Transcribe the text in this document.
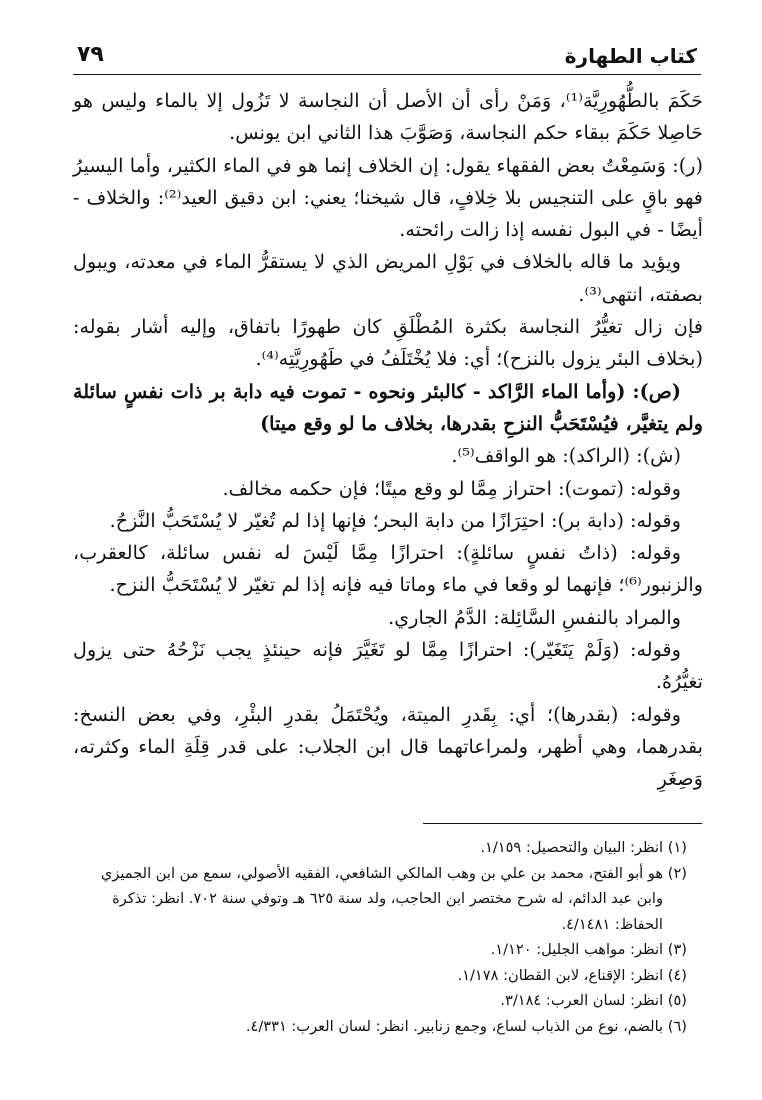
كتاب الطهارة
٧٩

حَكَمَ بالطُّهُورِيَّة⁽¹⁾، وَمَنْ رأى أن الأصل أن النجاسة لا تَزُول إلا بالماء وليس هو حَاصِلا حَكَمَ ببقاء حكم النجاسة، وَصَوَّبَ هذا الثاني ابن يونس.

(ر): وَسَمِعْتُ بعض الفقهاء يقول: إن الخلاف إنما هو في الماء الكثير، وأما اليسيرُ فهو باقٍ على التنجيس بلا خِلافٍ، قال شيخنا؛ يعني: ابن دقيق العيد⁽²⁾: والخلاف - أيضًا - في البول نفسه إذا زالت رائحته.

ويؤيد ما قاله بالخلاف في بَوْلِ المريض الذي لا يستقرُّ الماء في معدته، ويبول بصفته، انتهى⁽³⁾.

فإن زال تغيُّرُ النجاسة بكثرة المُطْلَقِ كان طهورًا باتفاق، وإليه أشار بقوله: (بخلاف البئر يزول بالنزح)؛ أي: فلا يُخْتَلَفُ في طَهُورِيَّتِه⁽⁴⁾.

(ص): (وأما الماء الرَّاكد - كالبئر ونحوه - تموت فيه دابة بر ذات نفسٍ سائلة ولم يتغيَّر، فيُسْتَحَبُّ النزحِ بقدرها، بخلاف ما لو وقع ميتا)

(ش): (الراكد): هو الواقف⁽⁵⁾.

وقوله: (تموت): احتراز مِمَّا لو وقع ميتًا؛ فإن حكمه مخالف.

وقوله: (دابة بر): احتِرَازًا من دابة البحر؛ فإنها إذا لم تُغيّر لا يُسْتَحَبُّ النَّزحُ.

وقوله: (ذاتُ نفسٍ سائلةٍ): احترازًا مِمَّا لَيْسَ له نفس سائلة، كالعقرب، والزنبور⁽⁶⁾؛ فإنهما لو وقعا في ماء وماتا فيه فإنه إذا لم تغيّر لا يُسْتَحَبُّ النزح.

والمراد بالنفسِ السَّائِلة: الدَّمُ الجاري.

وقوله: (وَلَمْ يَتَغَيّر): احترازًا مِمَّا لو تَغَيَّرَ فإنه حينئذٍ يجب نَزْحُهُ حتى يزول تغيُّرُهُ.

وقوله: (بقدرها)؛ أي: بِقَدرِ الميتة، ويُحْتَمَلُ بقدرِ البئْرِ، وفي بعض النسخ: بقدرهما، وهي أظهر، ولمراعاتهما قال ابن الجلاب: على قدر قِلَةِ الماء وكثرته، وَصِغَرِ

(١) انظر: البيان والتحصيل: ١/١٥٩.

(٢) هو أبو الفتح، محمد بن علي بن وهب المالكي الشافعي، الفقيه الأصولي، سمع من ابن الجميزي

وابن عبد الدائم، له شرح مختصر ابن الحاجب، ولد سنة ٦٢٥ هـ وتوفي سنة ٧٠٢. انظر: تذكرة

الحفاظ: ٤/١٤٨١.

(٣) انظر: مواهب الجليل: ١/١٢٠.

(٤) انظر: الإقناع، لابن القطان: ١/١٧٨.

(٥) انظر: لسان العرب: ٣/١٨٤.

(٦) بالضم، نوع من الذباب لساع، وجمع زنابير. انظر: لسان العرب: ٤/٣٣١.
